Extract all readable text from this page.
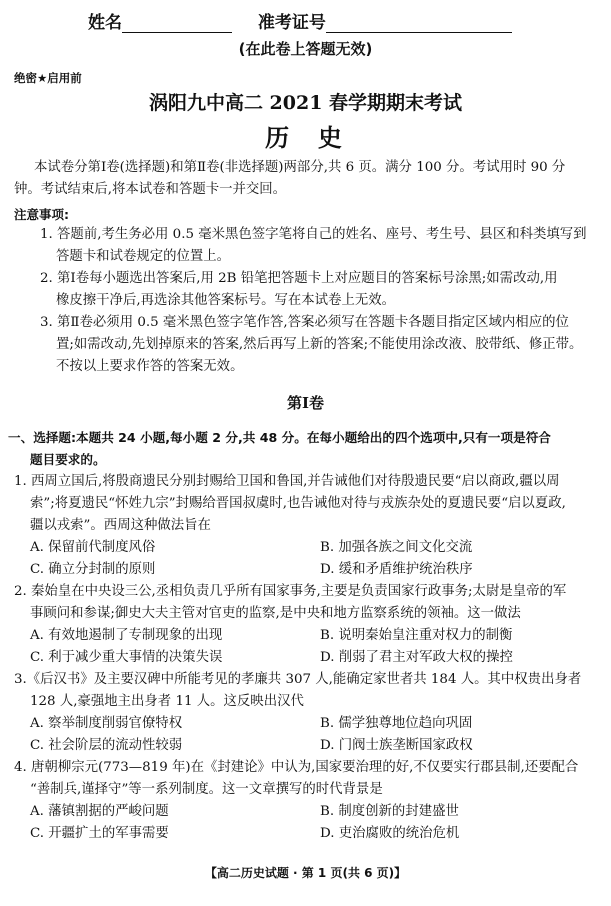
姓名	准考证号
(在此卷上答题无效)
绝密★启用前
涡阳九中高二 2021 春学期期末考试
历  史
本试卷分第Ⅰ卷(选择题)和第Ⅱ卷(非选择题)两部分,共 6 页。满分 100 分。考试用时 90 分
钟。考试结束后,将本试卷和答题卡一并交回。
注意事项:
1. 答题前,考生务必用 0.5 毫米黑色签字笔将自己的姓名、座号、考生号、县区和科类填写到
答题卡和试卷规定的位置上。
2. 第Ⅰ卷每小题选出答案后,用 2B 铅笔把答题卡上对应题目的答案标号涂黑;如需改动,用
橡皮擦干净后,再选涂其他答案标号。写在本试卷上无效。
3. 第Ⅱ卷必须用 0.5 毫米黑色签字笔作答,答案必须写在答题卡各题目指定区域内相应的位
置;如需改动,先划掉原来的答案,然后再写上新的答案;不能使用涂改液、胶带纸、修正带。
不按以上要求作答的答案无效。
第Ⅰ卷
一、选择题:本题共 24 小题,每小题 2 分,共 48 分。在每小题给出的四个选项中,只有一项是符合
题目要求的。
1. 西周立国后,将殷商遗民分别封赐给卫国和鲁国,并告诫他们对待殷遗民要“启以商政,疆以周
索”;将夏遗民“怀姓九宗”封赐给晋国叔虞时,也告诫他对待与戎族杂处的夏遗民要“启以夏政,
疆以戎索”。西周这种做法旨在
A. 保留前代制度风俗	B. 加强各族之间文化交流
C. 确立分封制的原则	D. 缓和矛盾维护统治秩序
2. 秦始皇在中央设三公,丞相负责几乎所有国家事务,主要是负责国家行政事务;太尉是皇帝的军
事顾问和参谋;御史大夫主管对官吏的监察,是中央和地方监察系统的领袖。这一做法
A. 有效地遏制了专制现象的出现	B. 说明秦始皇注重对权力的制衡
C. 利于减少重大事情的决策失误	D. 削弱了君主对军政大权的操控
3.《后汉书》及主要汉碑中所能考见的孝廉共 307 人,能确定家世者共 184 人。其中权贵出身者
128 人,豪强地主出身者 11 人。这反映出汉代
A. 察举制度削弱官僚特权	B. 儒学独尊地位趋向巩固
C. 社会阶层的流动性较弱	D. 门阀士族垄断国家政权
4. 唐朝柳宗元(773—819 年)在《封建论》中认为,国家要治理的好,不仅要实行郡县制,还要配合
“善制兵,谨择守”等一系列制度。这一文章撰写的时代背景是
A. 藩镇割据的严峻问题	B. 制度创新的封建盛世
C. 开疆扩土的军事需要	D. 吏治腐败的统治危机
【高二历史试题 · 第 1 页(共 6 页)】
